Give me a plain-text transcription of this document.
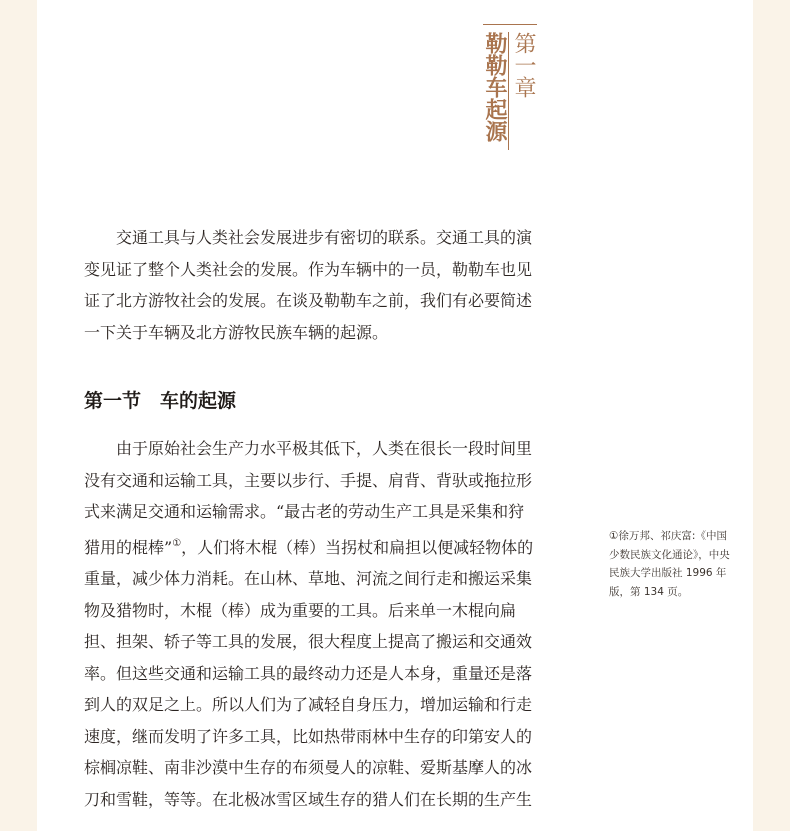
第一章
勒勒车起源

交通工具与人类社会发展进步有密切的联系。交通工具的演变见证了整个人类社会的发展。作为车辆中的一员，勒勒车也见证了北方游牧社会的发展。在谈及勒勒车之前，我们有必要简述一下关于车辆及北方游牧民族车辆的起源。

第一节　车的起源

由于原始社会生产力水平极其低下，人类在很长一段时间里没有交通和运输工具，主要以步行、手提、肩背、背驮或拖拉形式来满足交通和运输需求。“最古老的劳动生产工具是采集和狩猎用的棍棒”①，人们将木棍（棒）当拐杖和扁担以便减轻物体的重量，减少体力消耗。在山林、草地、河流之间行走和搬运采集物及猎物时，木棍（棒）成为重要的工具。后来单一木棍向扁担、担架、轿子等工具的发展，很大程度上提高了搬运和交通效率。但这些交通和运输工具的最终动力还是人本身，重量还是落到人的双足之上。所以人们为了减轻自身压力，增加运输和行走速度，继而发明了许多工具，比如热带雨林中生存的印第安人的棕榈凉鞋、南非沙漠中生存的布须曼人的凉鞋、爱斯基摩人的冰刀和雪鞋，等等。在北极冰雪区域生存的猎人们在长期的生产生

①徐万邦、祁庆富:《中国少数民族文化通论》，中央民族大学出版社 1996 年版，第 134 页。
